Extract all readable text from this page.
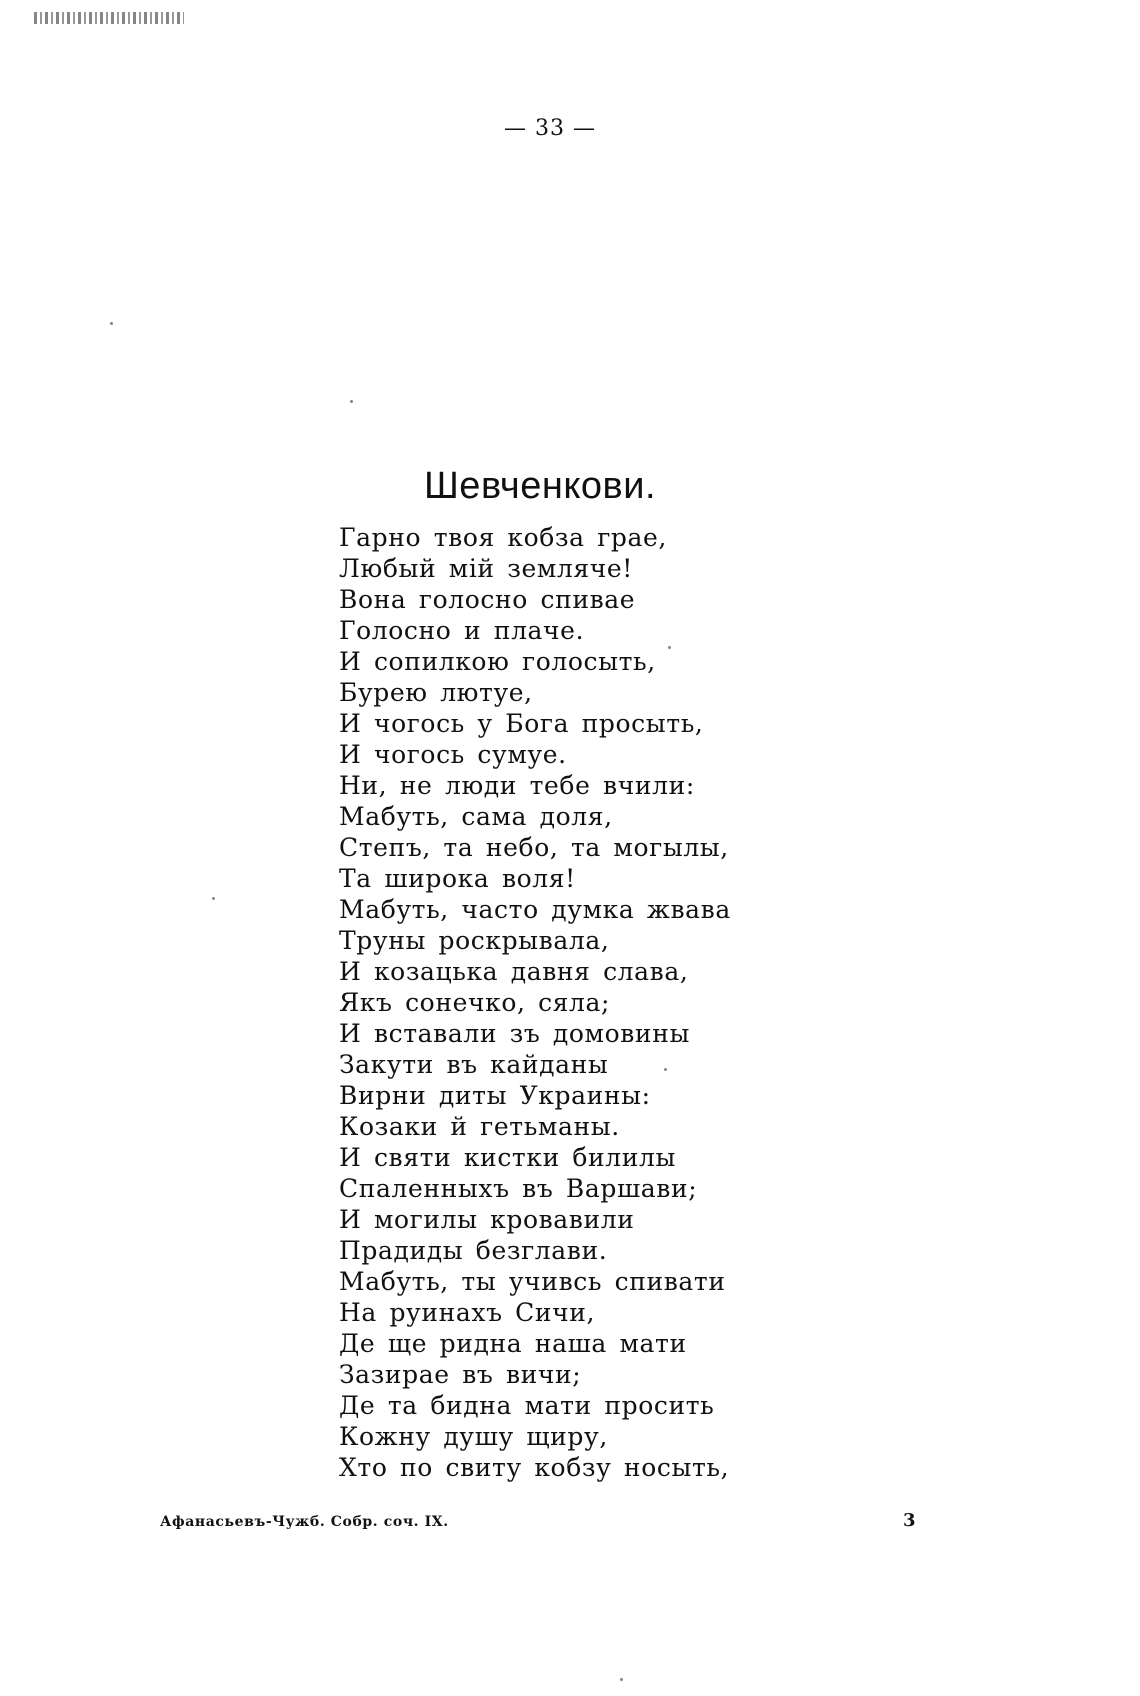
— 33 —
Шевченкови.
Гарно твоя кобза грае,
Любый мій земляче!
Вона голосно спивае
Голосно и плаче.
И сопилкою голосыть,
Бурею лютуе,
И чогось у Бога просыть,
И чогось сумуе.
Ни, не люди тебе вчили:
Мабуть, сама доля,
Степъ, та небо, та могылы,
Та широка воля!
Мабуть, часто думка жвава
Труны роскрывала,
И козацька давня слава,
Якъ сонечко, сяла;
И вставали зъ домовины
Закути въ кайданы
Вирни диты Украины:
Козаки й гетьманы.
И святи кистки билилы
Спаленныхъ въ Варшави;
И могилы кровавили
Прадиды безглави.
Мабуть, ты учивсь спивати
На руинахъ Сичи,
Де ще ридна наша мати
Зазирае въ вичи;
Де та бидна мати просить
Кожну душу щиру,
Хто по свиту кобзу носыть,
Афанасьевъ-Чужб. Собр. соч. IX.	3
